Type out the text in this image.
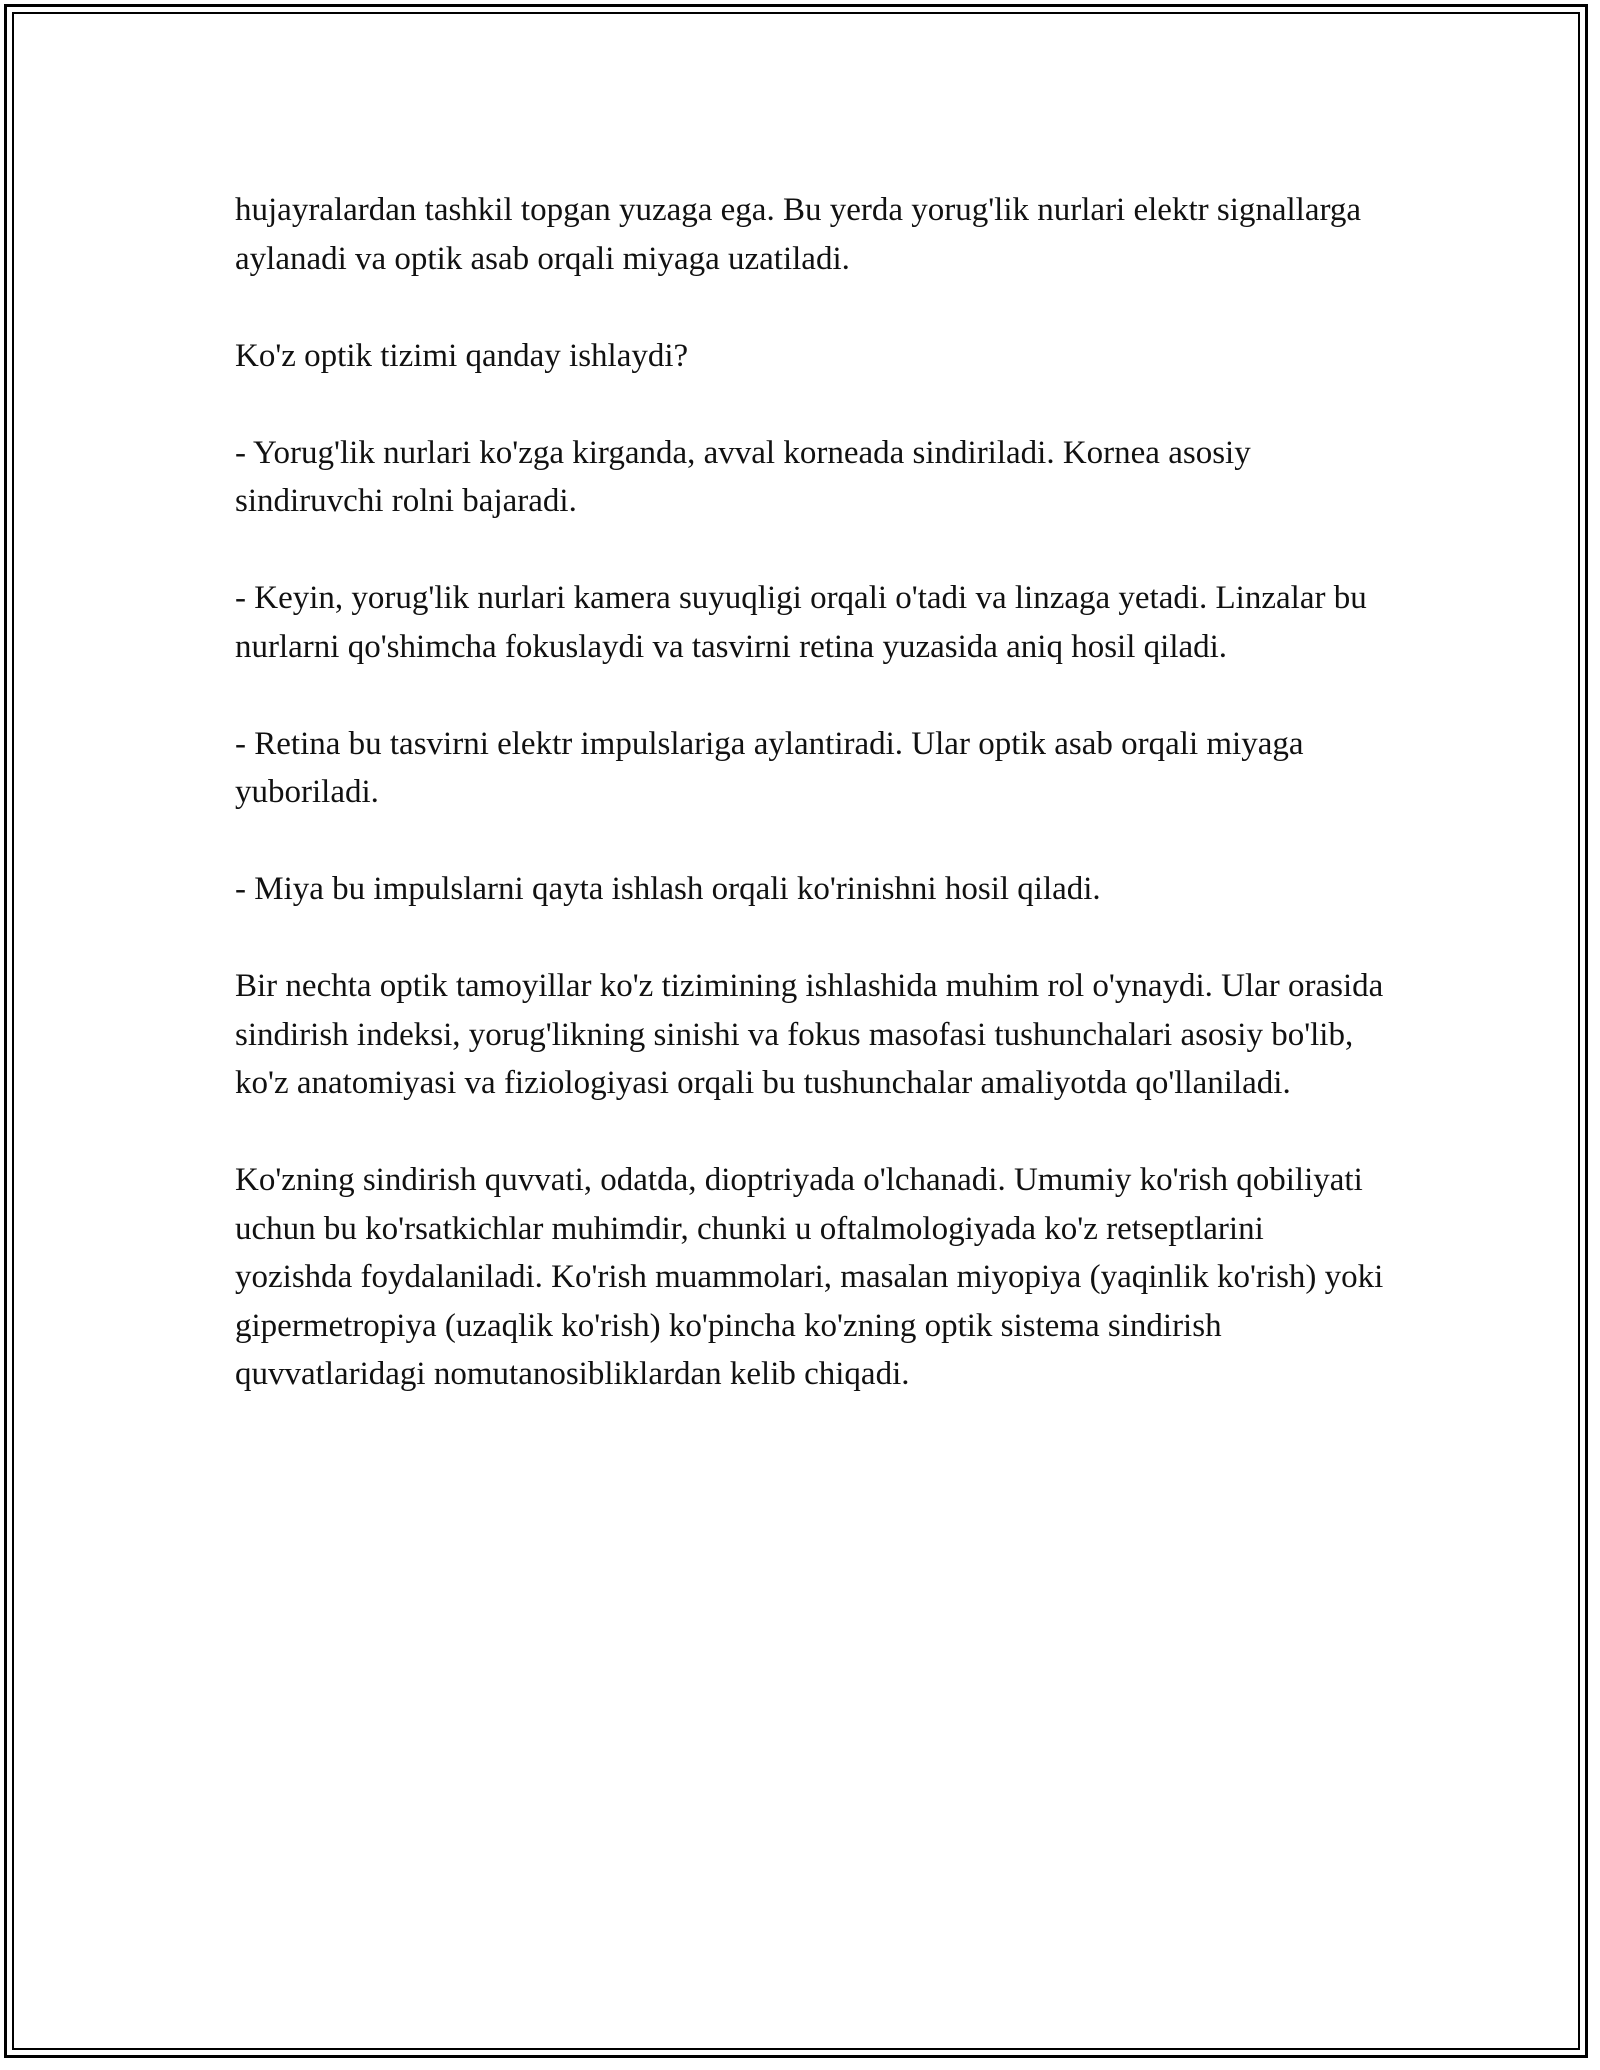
hujayralardan tashkil topgan yuzaga ega. Bu yerda yorug'lik nurlari elektr signallarga aylanadi va optik asab orqali miyaga uzatiladi.

Ko'z optik tizimi qanday ishlaydi?

- Yorug'lik nurlari ko'zga kirganda, avval korneada sindiriladi. Kornea asosiy sindiruvchi rolni bajaradi.

- Keyin, yorug'lik nurlari kamera suyuqligi orqali o'tadi va linzaga yetadi. Linzalar bu nurlarni qo'shimcha fokuslaydi va tasvirni retina yuzasida aniq hosil qiladi.

- Retina bu tasvirni elektr impulslariga aylantiradi. Ular optik asab orqali miyaga yuboriladi.

- Miya bu impulslarni qayta ishlash orqali ko'rinishni hosil qiladi.

Bir nechta optik tamoyillar ko'z tizimining ishlashida muhim rol o'ynaydi. Ular orasida sindirish indeksi, yorug'likning sinishi va fokus masofasi tushunchalari asosiy bo'lib, ko'z anatomiyasi va fiziologiyasi orqali bu tushunchalar amaliyotda qo'llaniladi.

Ko'zning sindirish quvvati, odatda, dioptriyada o'lchanadi. Umumiy ko'rish qobiliyati uchun bu ko'rsatkichlar muhimdir, chunki u oftalmologiyada ko'z retseptlarini yozishda foydalaniladi. Ko'rish muammolari, masalan miyopiya (yaqinlik ko'rish) yoki gipermetropiya (uzaqlik ko'rish) ko'pincha ko'zning optik sistema sindirish quvvatlaridagi nomutanosibliklardan kelib chiqadi.
